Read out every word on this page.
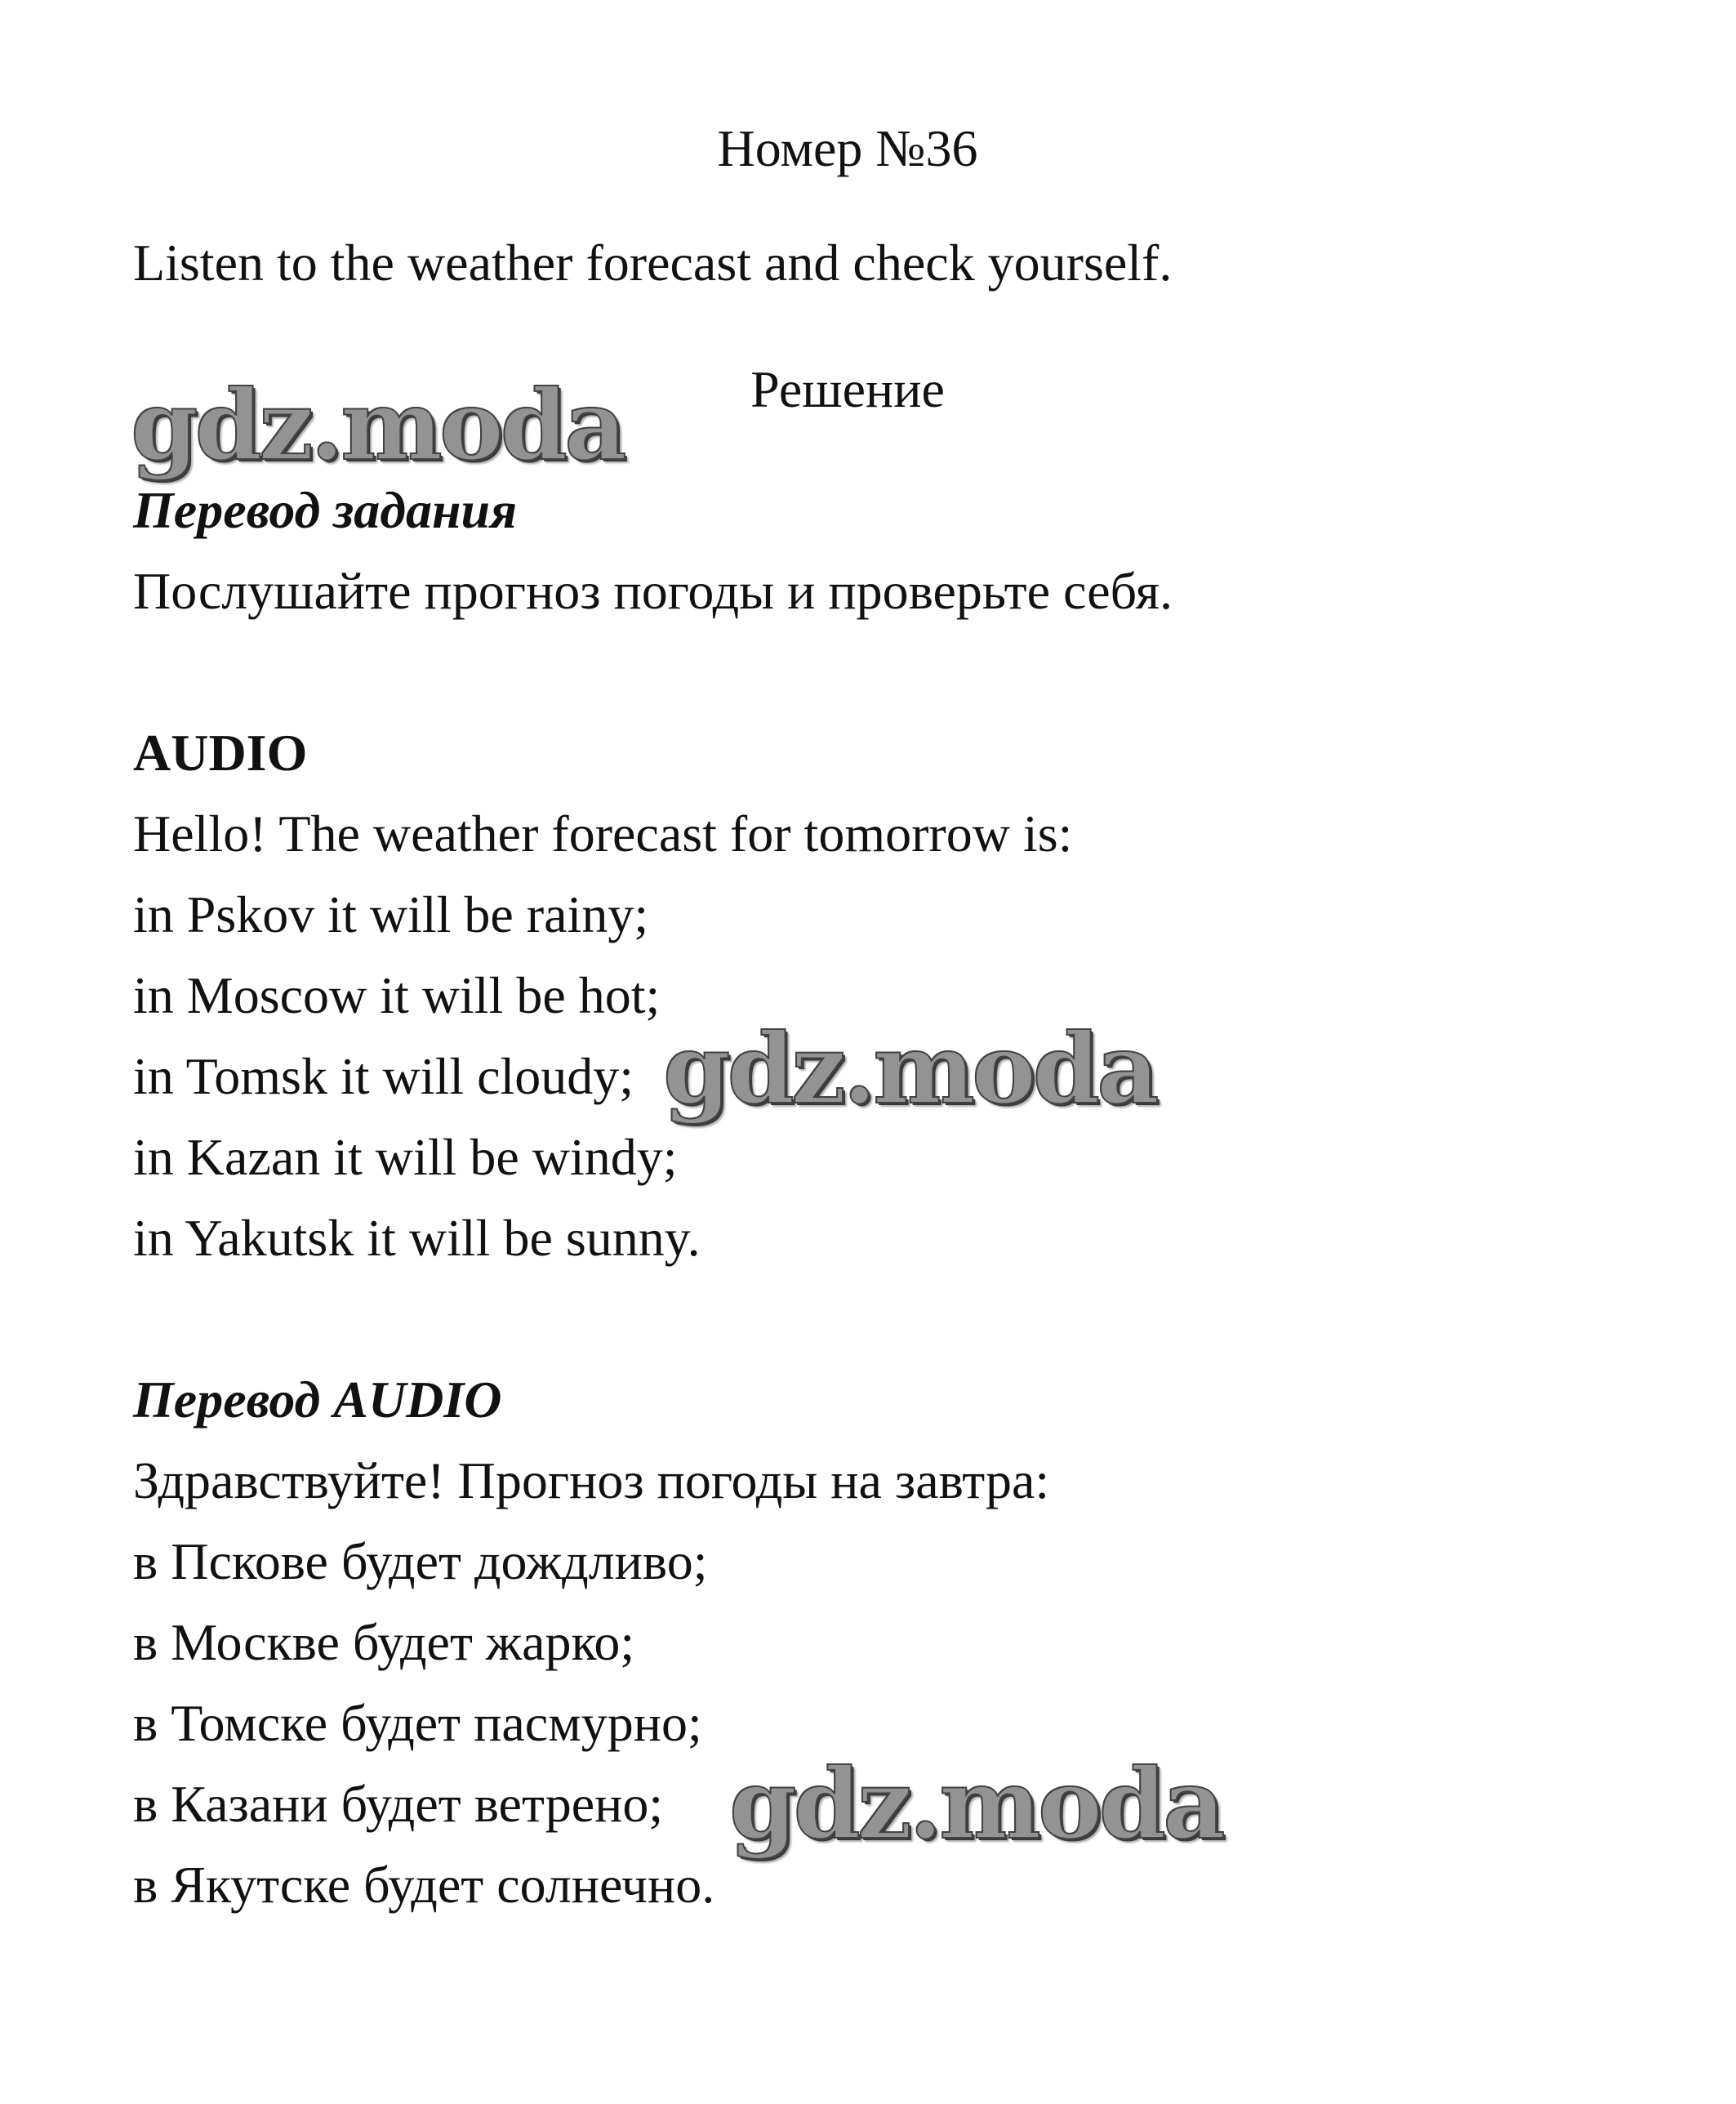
Номер №36
Listen to the weather forecast and check yourself.
Решение
gdz.moda
Перевод задания
Послушайте прогноз погоды и проверьте себя.
AUDIO
Hello! The weather forecast for tomorrow is:
in Pskov it will be rainy;
in Moscow it will be hot;
in Tomsk it will cloudy;
in Kazan it will be windy;
in Yakutsk it will be sunny.
gdz.moda
Перевод AUDIO
Здравствуйте! Прогноз погоды на завтра:
в Пскове будет дождливо;
в Москве будет жарко;
в Томске будет пасмурно;
в Казани будет ветрено;
в Якутске будет солнечно.
gdz.moda
